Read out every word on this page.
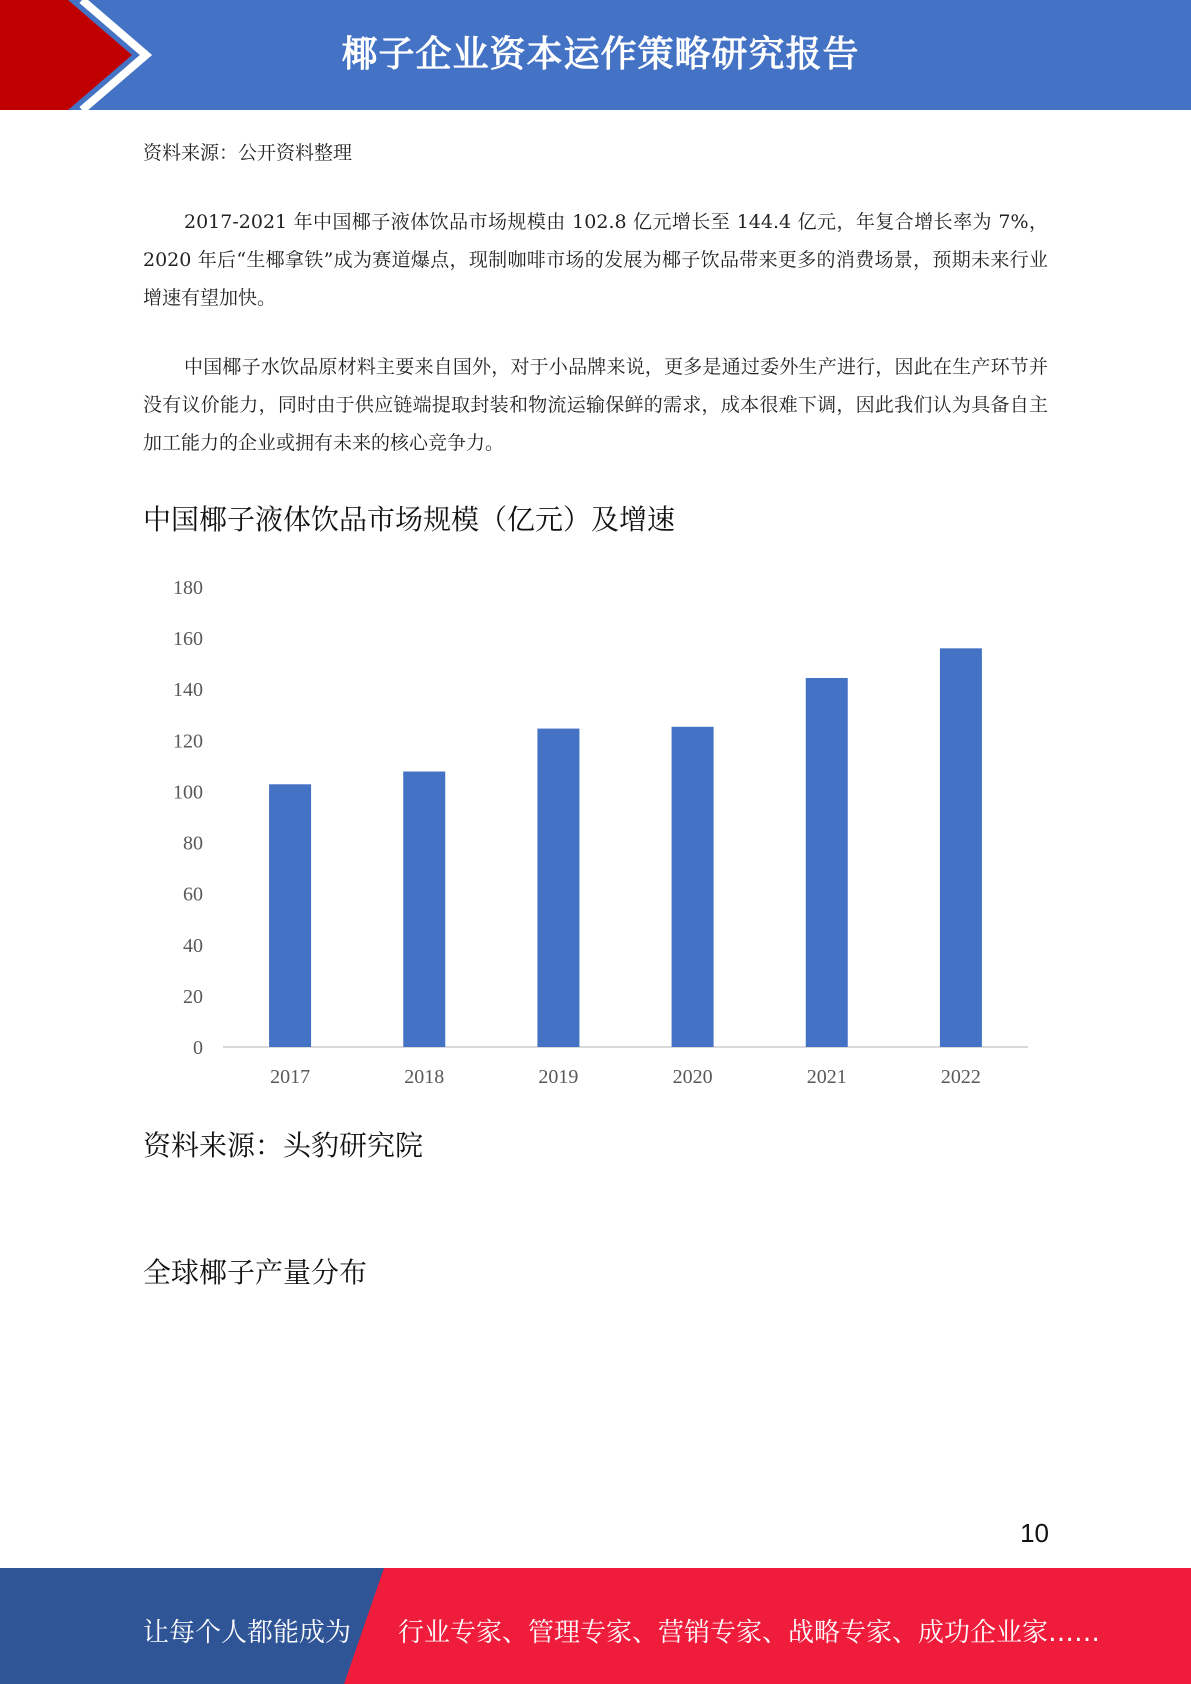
椰子企业资本运作策略研究报告
资料来源：公开资料整理

2017-2021 年中国椰子液体饮品市场规模由 102.8 亿元增长至 144.4 亿元，年复合增长率为 7%，2020 年后“生椰拿铁”成为赛道爆点，现制咖啡市场的发展为椰子饮品带来更多的消费场景，预期未来行业增速有望加快。

中国椰子水饮品原材料主要来自国外，对于小品牌来说，更多是通过委外生产进行，因此在生产环节并没有议价能力，同时由于供应链端提取封装和物流运输保鲜的需求，成本很难下调，因此我们认为具备自主加工能力的企业或拥有未来的核心竞争力。

中国椰子液体饮品市场规模（亿元）及增速
0
20
40
60
80
100
120
140
160
180
2017	2018	2019	2020	2021	2022
资料来源：头豹研究院
全球椰子产量分布
10
让每个人都能成为 行业专家、管理专家、营销专家、战略专家、成功企业家……
